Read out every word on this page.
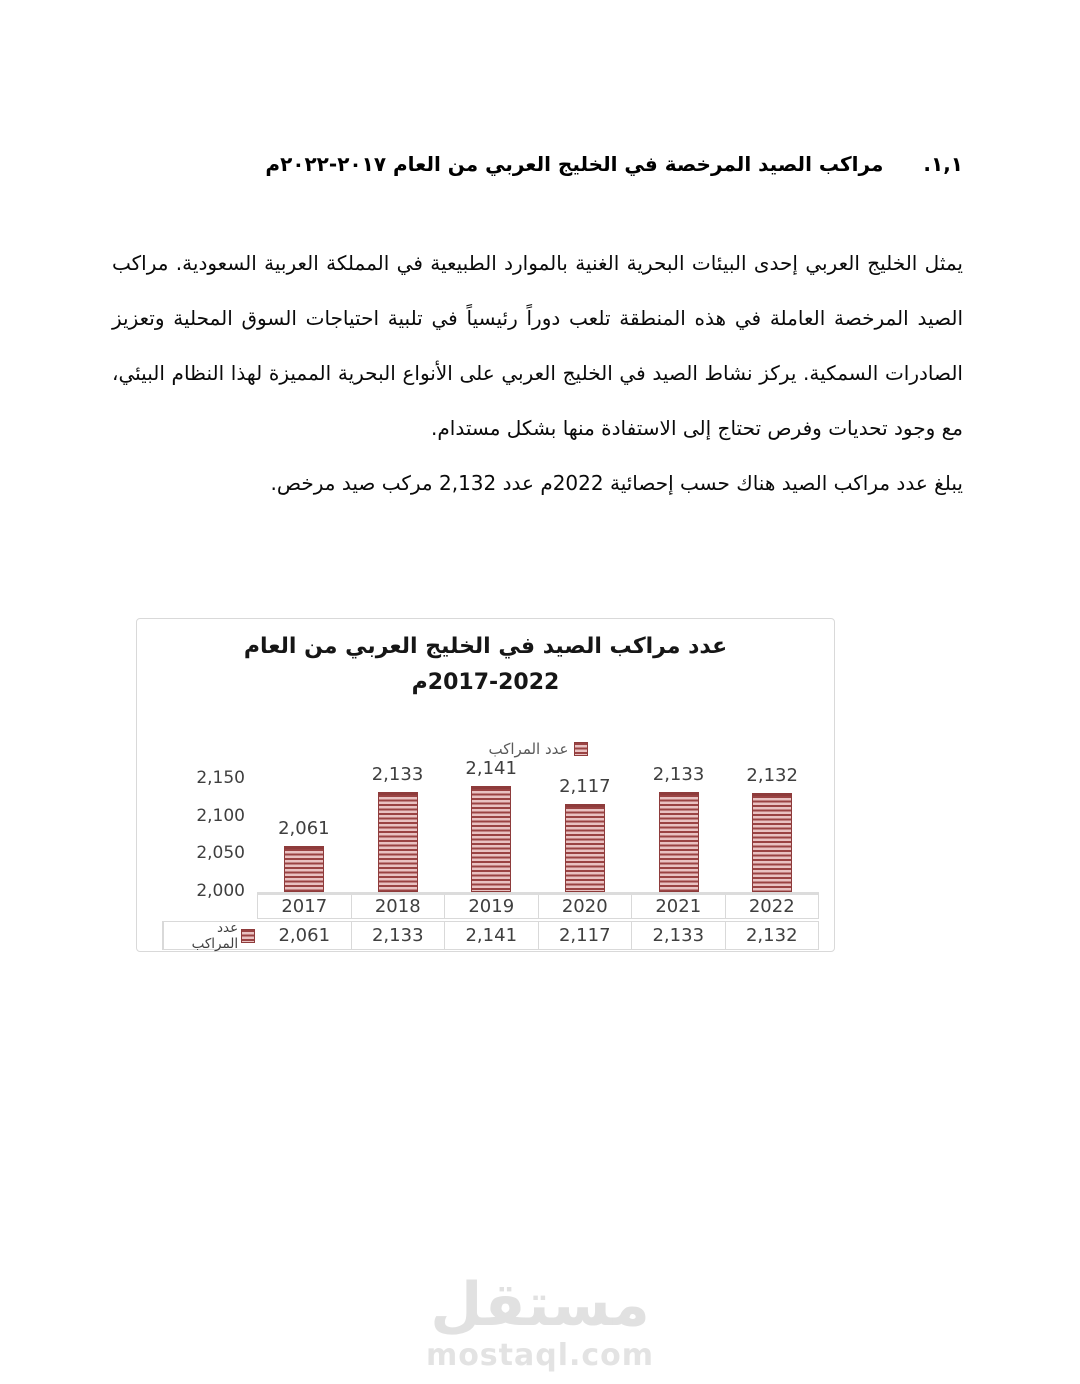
١,١.
مراكب الصيد المرخصة في الخليج العربي من العام ٢٠١٧-٢٠٢٢م

يمثل الخليج العربي إحدى البيئات البحرية الغنية بالموارد الطبيعية في المملكة العربية السعودية. مراكب الصيد المرخصة العاملة في هذه المنطقة تلعب دوراً رئيسياً في تلبية احتياجات السوق المحلية وتعزيز الصادرات السمكية. يركز نشاط الصيد في الخليج العربي على الأنواع البحرية المميزة لهذا النظام البيئي، مع وجود تحديات وفرص تحتاج إلى الاستفادة منها بشكل مستدام.

يبلغ عدد مراكب الصيد هناك حسب إحصائية 2022م عدد 2,132 مركب صيد مرخص.

عدد مراكب الصيد في الخليج العربي من العام
2017-2022م
عدد المراكب
2,150
2,100
2,050
2,000
2,061
2,133	2,141
2,117
2,133	2,132
2017	2018	2019	2020	2021	2022
عدد المراكب	2,061	2,133	2,141	2,117	2,133	2,132
مستقل
mostaql.com
